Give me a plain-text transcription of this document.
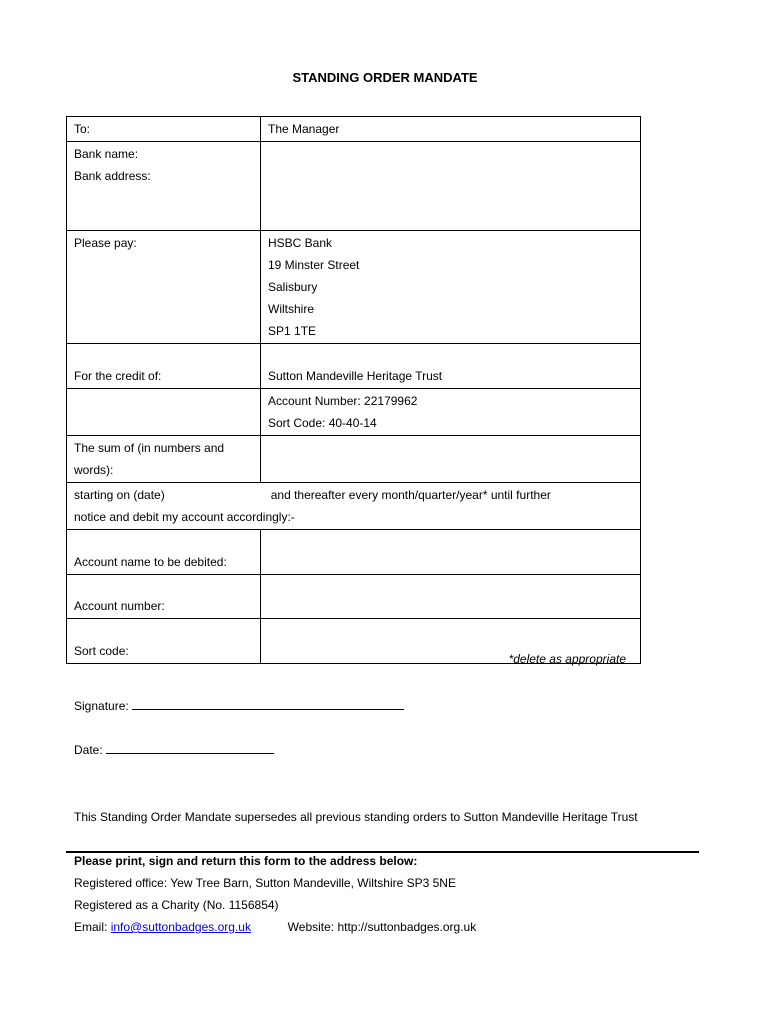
STANDING ORDER MANDATE
To:	The Manager

Bank name:
Bank address:	

Please pay:	HSBC Bank
19 Minster Street
Salisbury
Wiltshire
SP1 1TE

For the credit of:	Sutton Mandeville Heritage Trust

	Account Number: 22179962
Sort Code: 40-40-14

The sum of (in numbers and
words):	

starting on (date) and thereafter every month/quarter/year* until further
notice and debit my account accordingly:-	

Account name to be debited:	
Account number:	
Sort code:	
*delete as appropriate
Signature:
Date:
This Standing Order Mandate supersedes all previous standing orders to Sutton Mandeville Heritage Trust
Please print, sign and return this form to the address below:
Registered office: Yew Tree Barn, Sutton Mandeville, Wiltshire SP3 5NE
Registered as a Charity (No. 1156854)
Email: info@suttonbadges.org.uk	Website: http://suttonbadges.org.uk
